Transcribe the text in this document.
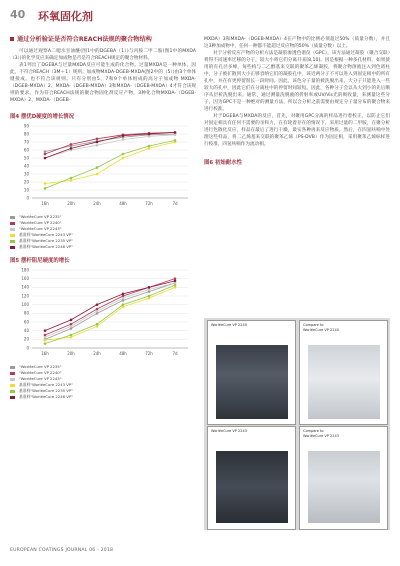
40 环氧固化剂
通过分析验证是否符合REACH法规的聚合物结构

可以通过观察A二噁水甘油醚(图1中的DGEBA（1）)与丙胺二甲二胺(图1中的MXDA（3）)的化学反应来确定加成物是否是符合REACH规定的聚合物材料。

表1列出了DGEBA与过量MXDA反应可能生成的化合物。过量MXDA是一种单体。因此，不符合REACH（3M＋1）规则。加成物MXDA-DGEB-MXDA(图2中的（5）)由3个单体键接成。也不符合该规则。只有分别由5、7和9个单体组成的高分子加成物 MXDA-（DGEB-MXDA）2、MXDA-（DGEB-MXDA）3和MXDA-（DGEB-MXDA）4才符合该规则的要求。作为符合REACH法规的聚合物固化剂反应产物，3种化合物MXDA-（DGEB-MXDA）2、MXDA-（DGEB-

图4 摆优D硬度的增长情况
0
10
20
30
40
50
60
70
80
90
16h	20h	24h	48h	72h	7d
"WorléeCure VP 2235"
"WorléeCure VP 2240"
"WorléeCure VP 2243"
基准样"WorléeCure 2243 VP"
基准样"WorléeCure 2235 VP"
基准样"WorléeCure 2246 VP"
图5 摆杆阻尼硬度的增长
0
20
40
60
80
100
120
140
160
180
16h	20h	24h	48h	72h	7d
"WorléeCure VP 2235"
"WorléeCure VP 2240"
"WorléeCure VP 2243"
基准样"WorléeCure 2243 VP"
基准样"WorléeCure 2235 VP"
基准样"WorléeCure 2246 VP"

MXDA）3和MXDA-（DGEB-MXDA）4在产物中的比例必须超过50%（质量分数），并且这3种加成物中，任何一种都不能超过反应物的50%（质量分数）以上。

对于分析反应产物的分析方法是凝胶渗透色谱仪（GPC），该方法通过凝胶（聚合交联）将得不同速率迁移的分子，较大小将它们分离开来[8,10]。因是根据一种多孔材料，如果使用的有孔径多峰，每些构与二乙醇基来交联的聚苯乙烯凝胶，将聚合物溶液注入到色谱柱中，分子被扩散到大小正够容纳它们的凝胶孔中，该近两分子不可以进入到固定相中的所有孔中，并在有更停留很长一段时间。因此，该色分子量的被洗脱出来，大分子只能进入一些较大的孔中，因此它们在分离柱中的停留时间较短。因此，各种分子会以从大到小的先后顺序从层析洗脱出来。通常，通过测量洗脱液的折射率或UV/Vis光的吸收量，来测量这些分子。因为GPC不是一种绝对的测量方法，所以合分析之前需要由规定分子量分布的聚合物来进行校准。

对于DGEBA与MXDA的反应，首先，对聚用GPC分离的样品进行着校正，以防止它们对固定相具有任何不需要的亲和力，在有轮着存在的情况下，采用过量的二甲胺，在聚分析进行色散化反应，样品在最后了进行干燥，最实各种再来反应物质。然后，在四氢呋喃中处理这些样品，将二乙烯基来交联的聚苯乙烯（PS-DVB）作为固定相，采用聚苯乙烯标样进行校准，四氢呋喃作为流动相。

图6 初始耐水性
WorléeCure VP 2240	Compare to
WorléeCure VP 2240
WorléeCure VP 2243	Compare to
WorléeCure VP 2243
EUROPEAN COATINGS JOURNAL 06 - 2018
